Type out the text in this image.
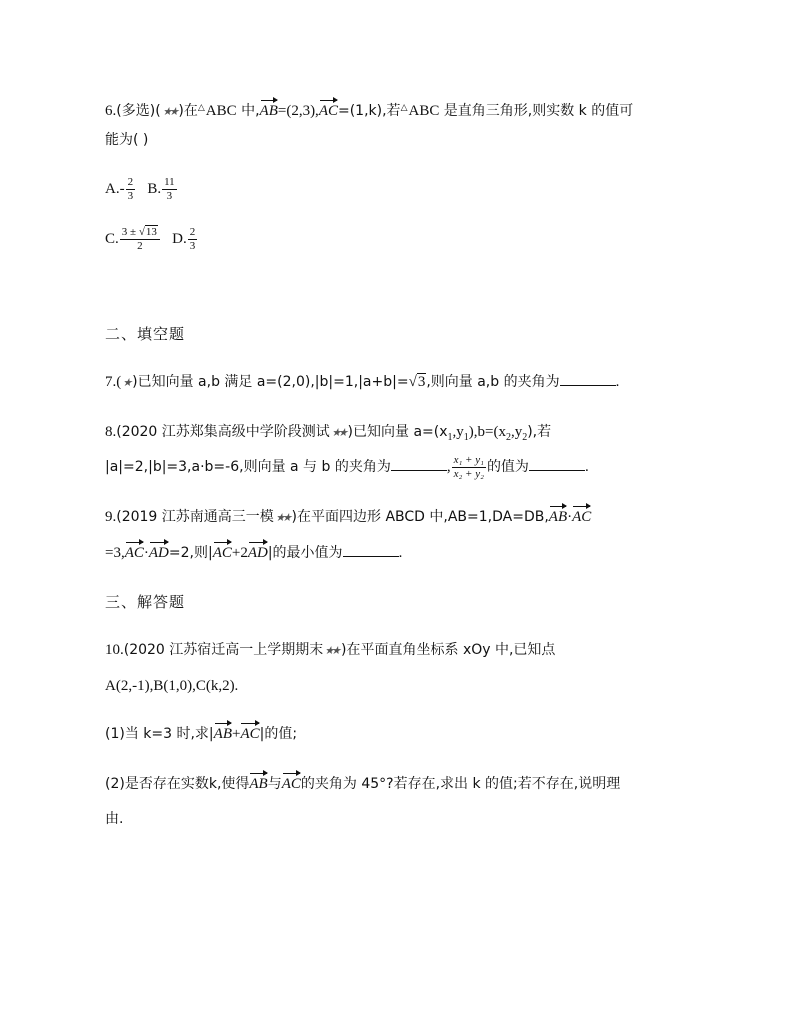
6.(多选)(★★)在△ABC 中,AB=(2,3),AC=(1,k),若△ABC 是直角三角形,则实数 k 的值可
能为( )
$A.- \frac{2}{3} B$. $\frac{11}{3}$
C. $\frac{3 \pm √13}{2} D$. $\frac{2}{3}$
二、填空题
7.(★)已知向量 a,b 满足 a=(2,0),|b|=1,|a+b|=√3,则向量 a,b 的夹角为	.
8.(2020 江苏郑集高级中学阶段测试★★)已知向量 $a=(x_1,y_1),b=(x_2,y_2)$,若
|a|=2,|b|=3,a·b=-6,则向量 a 与 b 的夹角为	, $\frac{\text{x₁ + y₁}}{\text{x₂ + y₂}}$ 的值为	.
9.(2019 江苏南通高三一模★★)在平面四边形 ABCD 中,AB=1,DA=DB,AB·AC
=3,AC·AD=2,则|AC+2AD|的最小值为	.
三、解答题
10.(2020 江苏宿迁高一上学期期末★★)在平面直角坐标系 xOy 中,已知点
A(2,-1),B(1,0),C(k,2).
(1)当 k=3 时,求|AB+AC|的值;
(2)是否存在实数k,使得AB与AC的夹角为 45°?若存在,求出 k 的值;若不存在,说明理
由.
